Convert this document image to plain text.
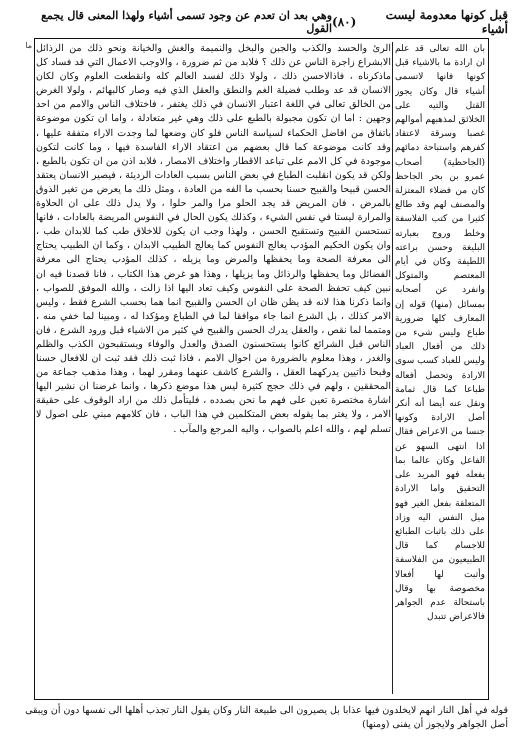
قبل كونها معدومة ليست أشياء
(٨٠)
وهي بعد ان تعدم عن وجود تسمى أشياء ولهذا المعنى قال يجمع القول

بان الله تعالى قد علم ان ارادة ما بالاشياء قبل كونها فانها لاتسمى أشياء قال وكان يجوز القتل والتيه على الخلائق لمذهبهم أموالهم غصبا وسرقة لاعتقاد كفرهم واستباحة دمائهم (الجاحظية) أصحاب عمرو بن بحر الجاحظ كان من فضلاء المعتزلة والمصنف لهم وقد طالع كثيرا من كتب الفلاسفة وخلط وروج بعبارته البليغة وحسن براعته اللطيفة وكان في أيام المعتصم والمتوكل وانفرد عن أصحابه بمسائل (منها) قوله إن المعارف كلها ضرورية طباع وليس شيء من ذلك من أفعال العباد وليس للعباد كسب سوى الارادة وتحصل أفعاله طباعا كما قال ثمامة ونقل عنه أيضا أنه أنكر أصل الارادة وكونها جنسا من الاعراض فقال اذا انتهى السهو عن الفاعل وكان عالما بما يفعله فهو المريد على التحقيق واما الارادة المتعلقة بفعل الغير فهو ميل النفس اليه وزاد على ذلك باثبات الطبائع للاجسام كما قال الطبيعيون من الفلاسفة وأثبت لها أفعالا مخصوصة بها وقال باستحالة عدم الجواهر فالاعراض تتبدل

الرئ والحسد والكذب والجبن والبخل والنميمة والغش والخيانة ونحو ذلك من الرذائل الابشراع زاجرة الناس عن ذلك ؟ فلابد من ثم ضرورة ، والاوجب الاعمال التي قد فساد كل ماذكرناه ، فاذالاحسن ذلك ، ولولا ذلك لفسد العالم كله وانقطعت العلوم وكان لكان الانسان قد عد وطلب فضيلة الغم والنطق والعقل الذي فيه وصار كالبهائم ، ولولا الغرض من الخالق تعالى في اللغة اعتبار الانسان في ذلك يغتفر ، فاختلاف الناس والامم من احد وجهين : اما ان تكون مجبولة بالطبع على ذلك وهي غير متعادلة ، واما ان تكون موضوعة باتفاق من افاضل الحكماء لسياسة الناس فلو كان وضعها لما وجدت الاراء متفقة عليها ، وقد كانت موضوعة كما قال بعضهم من اعتقاد الاراء الفاسدة فيها ، وما كانت لتكون موجودة في كل الامم على تباعد الاقطار واختلاف الامصار ، فلابد اذن من ان تكون بالطبع ، ولكن قد يكون انقلبت الطباع في بعض الناس بسبب العادات الرديئة ، فيصير الانسان يعتقد الحسن قبيحا والقبيح حسنا بحسب ما الفه من العادة ، ومثل ذلك ما يعرض من تغير الذوق بالمرض ، فان المريض قد يجد الحلو مرا والمر حلوا ، ولا يدل ذلك على ان الحلاوة والمرارة ليستا في نفس الشيء ، وكذلك يكون الحال في النفوس المريضة بالعادات ، فانها تستحسن القبيح وتستقبح الحسن ، ولهذا وجب ان يكون للاخلاق طب كما للابدان طب ، وان يكون الحكيم المؤدب يعالج النفوس كما يعالج الطبيب الابدان ، وكما ان الطبيب يحتاج الى معرفة الصحة وما يحفظها والمرض وما يزيله ، كذلك المؤدب يحتاج الى معرفة الفضائل وما يحفظها والرذائل وما يزيلها ، وهذا هو غرض هذا الكتاب ، فانا قصدنا فيه ان نبين كيف تحفظ الصحة على النفوس وكيف تعاد اليها اذا زالت ، والله الموفق للصواب ، وانما ذكرنا هذا لانه قد يظن ظان ان الحسن والقبيح انما هما بحسب الشرع فقط ، وليس الامر كذلك ، بل الشرع انما جاء موافقا لما في الطباع ومؤكدا له ، ومبينا لما خفي منه ، ومتمما لما نقص ، والعقل يدرك الحسن والقبيح في كثير من الاشياء قبل ورود الشرع ، فان الناس قبل الشرائع كانوا يستحسنون الصدق والعدل والوفاء ويستقبحون الكذب والظلم والغدر ، وهذا معلوم بالضرورة من احوال الامم ، فاذا ثبت ذلك فقد ثبت ان للافعال حسنا وقبحا ذاتيين يدركهما العقل ، والشرع كاشف عنهما ومقرر لهما ، وهذا مذهب جماعة من المحققين ، ولهم في ذلك حجج كثيرة ليس هذا موضع ذكرها ، وانما غرضنا ان نشير اليها اشارة مختصرة تعين على فهم ما نحن بصدده ، فليتأمل ذلك من اراد الوقوف على حقيقة الامر ، ولا يغتر بما يقوله بعض المتكلمين في هذا الباب ، فان كلامهم مبني على اصول لا تسلم لهم ، والله اعلم بالصواب ، واليه المرجع والمآب .

ما

قوله في أهل النار انهم لايخلدون فيها عذابا بل يصيرون الى طبيعة النار وكان يقول النار تجذب أهلها الى نفسها دون أن ويبقى أصل الجواهر ولايجوز أن يفنى (ومنها)
